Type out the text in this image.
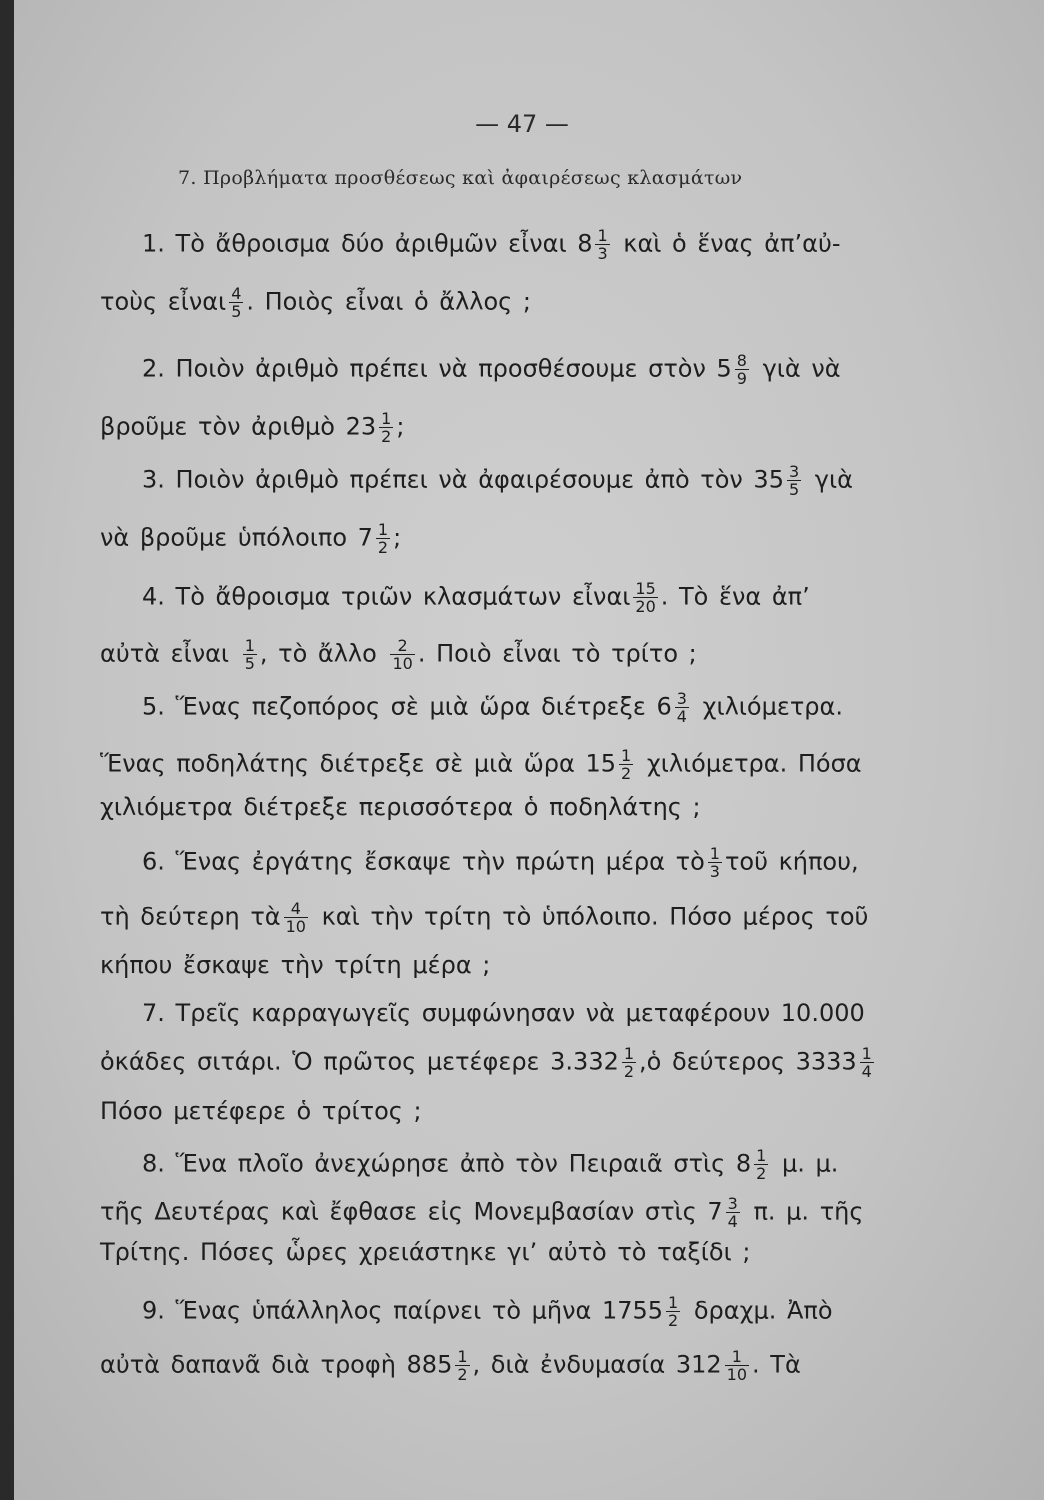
— 47 —
7. Προβλήματα προσθέσεως καὶ ἀφαιρέσεως κλασμάτων
1. Τὸ ἄθροισμα δύο ἀριθμῶν εἶναι $8 \frac{1}{3}$ καὶ ὁ ἕνας ἀπ’αὐ-
τοὺς εἶναι $\frac{4}{5}$ . Ποιὸς εἶναι ὁ ἄλλος ;
2. Ποιὸν ἀριθμὸ πρέπει νὰ προσθέσουμε στὸν $5 \frac{8}{9}$ γιὰ νὰ
βροῦμε τὸν ἀριθμὸ $23 \frac{1}{2}$ ;
3. Ποιὸν ἀριθμὸ πρέπει νὰ ἀφαιρέσουμε ἀπὸ τὸν $35 \frac{3}{5}$ γιὰ
νὰ βροῦμε ὑπόλοιπο $7 \frac{1}{2}$ ;
4. Τὸ ἄθροισμα τριῶν κλασμάτων εἶναι $\frac{15}{20}$ . Τὸ ἕνα ἀπ’
αὐτὰ εἶναι $\frac{1}{5}$ , τὸ ἄλλο $\frac{2}{10}$ . Ποιὸ εἶναι τὸ τρίτο ;
5. Ἕνας πεζοπόρος σὲ μιὰ ὥρα διέτρεξε $6 \frac{3}{4} \chi\iota\lambda\iota ό\mu\varepsilon\tau\rho\alpha$.
Ἕνας ποδηλάτης διέτρεξε σὲ μιὰ ὥρα $15 \frac{1}{2} \chi\iota\lambda\iota ό\mu\varepsilon\tau\rho\alpha$. Πόσα
χιλιόμετρα διέτρεξε περισσότερα ὁ ποδηλάτης ;
6. Ἕνας ἐργάτης ἔσκαψε τὴν πρώτη μέρα τὸ $\frac{1}{3}$ τοῦ κήπου,
τὴ δεύτερη τὰ $\frac{4}{10}$ καὶ τὴν τρίτη τὸ ὑπόλοιπο. Πόσο μέρος τοῦ
κήπου ἔσκαψε τὴν τρίτη μέρα ;
7. Τρεῖς καρραγωγεῖς συμφώνησαν νὰ μεταφέρουν 10.000
ὀκάδες σιτάρι. Ὁ πρῶτος μετέφερε $3.332 \frac{1}{2}$ ,ὁ δεύτερος $3333 \frac{1}{4}$
Πόσο μετέφερε ὁ τρίτος ;
8. Ἕνα πλοῖο ἀνεχώρησε ἀπὸ τὸν Πειραιᾶ στὶς $8 \frac{1}{2} \mu$. μ.
τῆς Δευτέρας καὶ ἔφθασε εἰς Μονεμβασίαν στὶς $7 \frac{3}{4} \pi$. μ. τῆς
Τρίτης. Πόσες ὧρες χρειάστηκε γι’ αὐτὸ τὸ ταξίδι ;
9. Ἕνας ὑπάλληλος παίρνει τὸ μῆνα $1755 \frac{1}{2} \delta\rho\alpha\chi\mu$. Ἀπὸ
αὐτὰ δαπανᾶ διὰ τροφὴ $885 \frac{1}{2}$ , διὰ ἐνδυμασία $312 \frac{1}{10}$ . Τὰ
